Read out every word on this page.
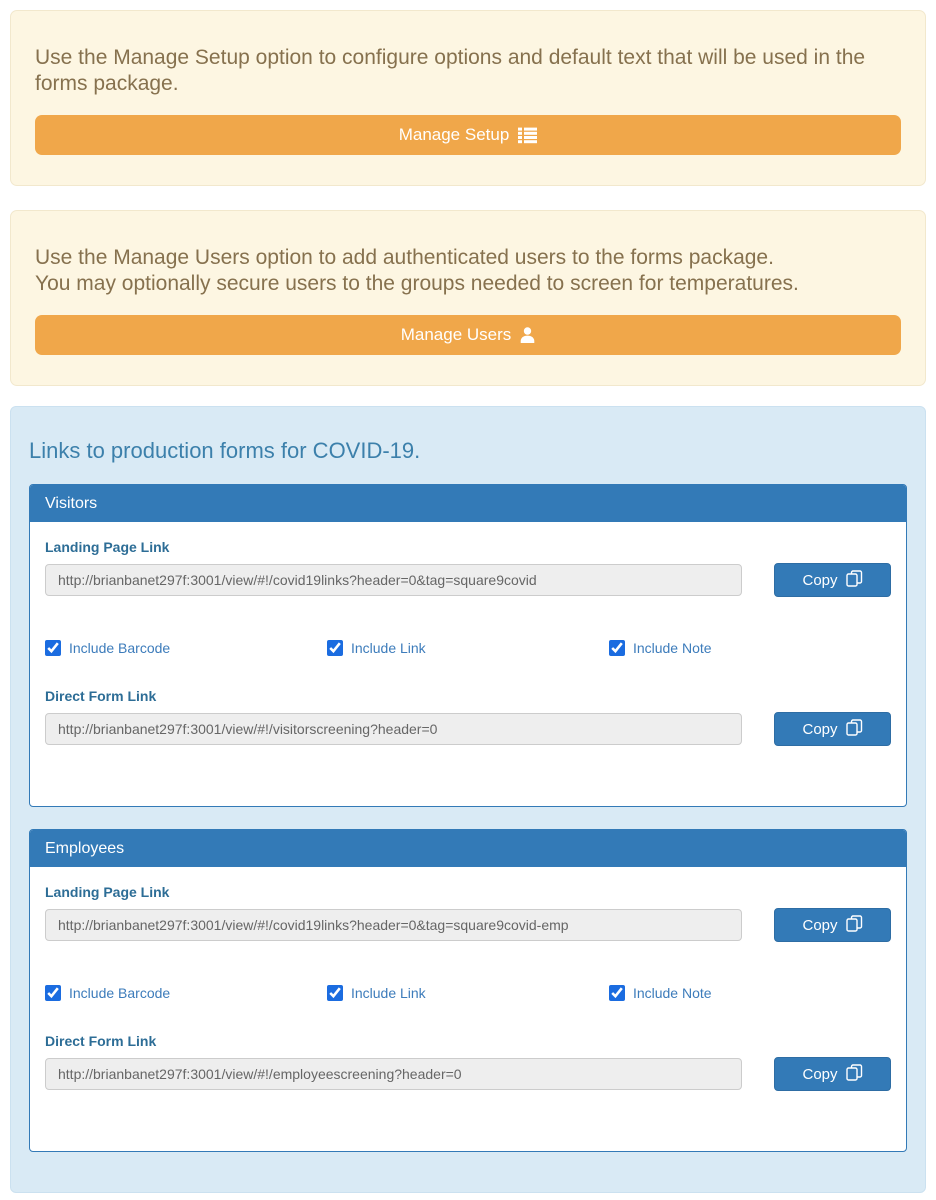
Use the Manage Setup option to configure options and default text that will be used in the forms package.

Manage Setup

Use the Manage Users option to add authenticated users to the forms package.
You may optionally secure users to the groups needed to screen for temperatures.

Manage Users
Links to production forms for COVID-19.
Visitors

Landing Page Link

http://brianbanet297f:3001/view/#!/covid19links?header=0&tag=square9covid
Copy
Include Barcode	Include Link	Include Note

Direct Form Link

http://brianbanet297f:3001/view/#!/visitorscreening?header=0
Copy
Employees

Landing Page Link

http://brianbanet297f:3001/view/#!/covid19links?header=0&tag=square9covid-emp
Copy
Include Barcode	Include Link	Include Note

Direct Form Link

http://brianbanet297f:3001/view/#!/employeescreening?header=0
Copy
